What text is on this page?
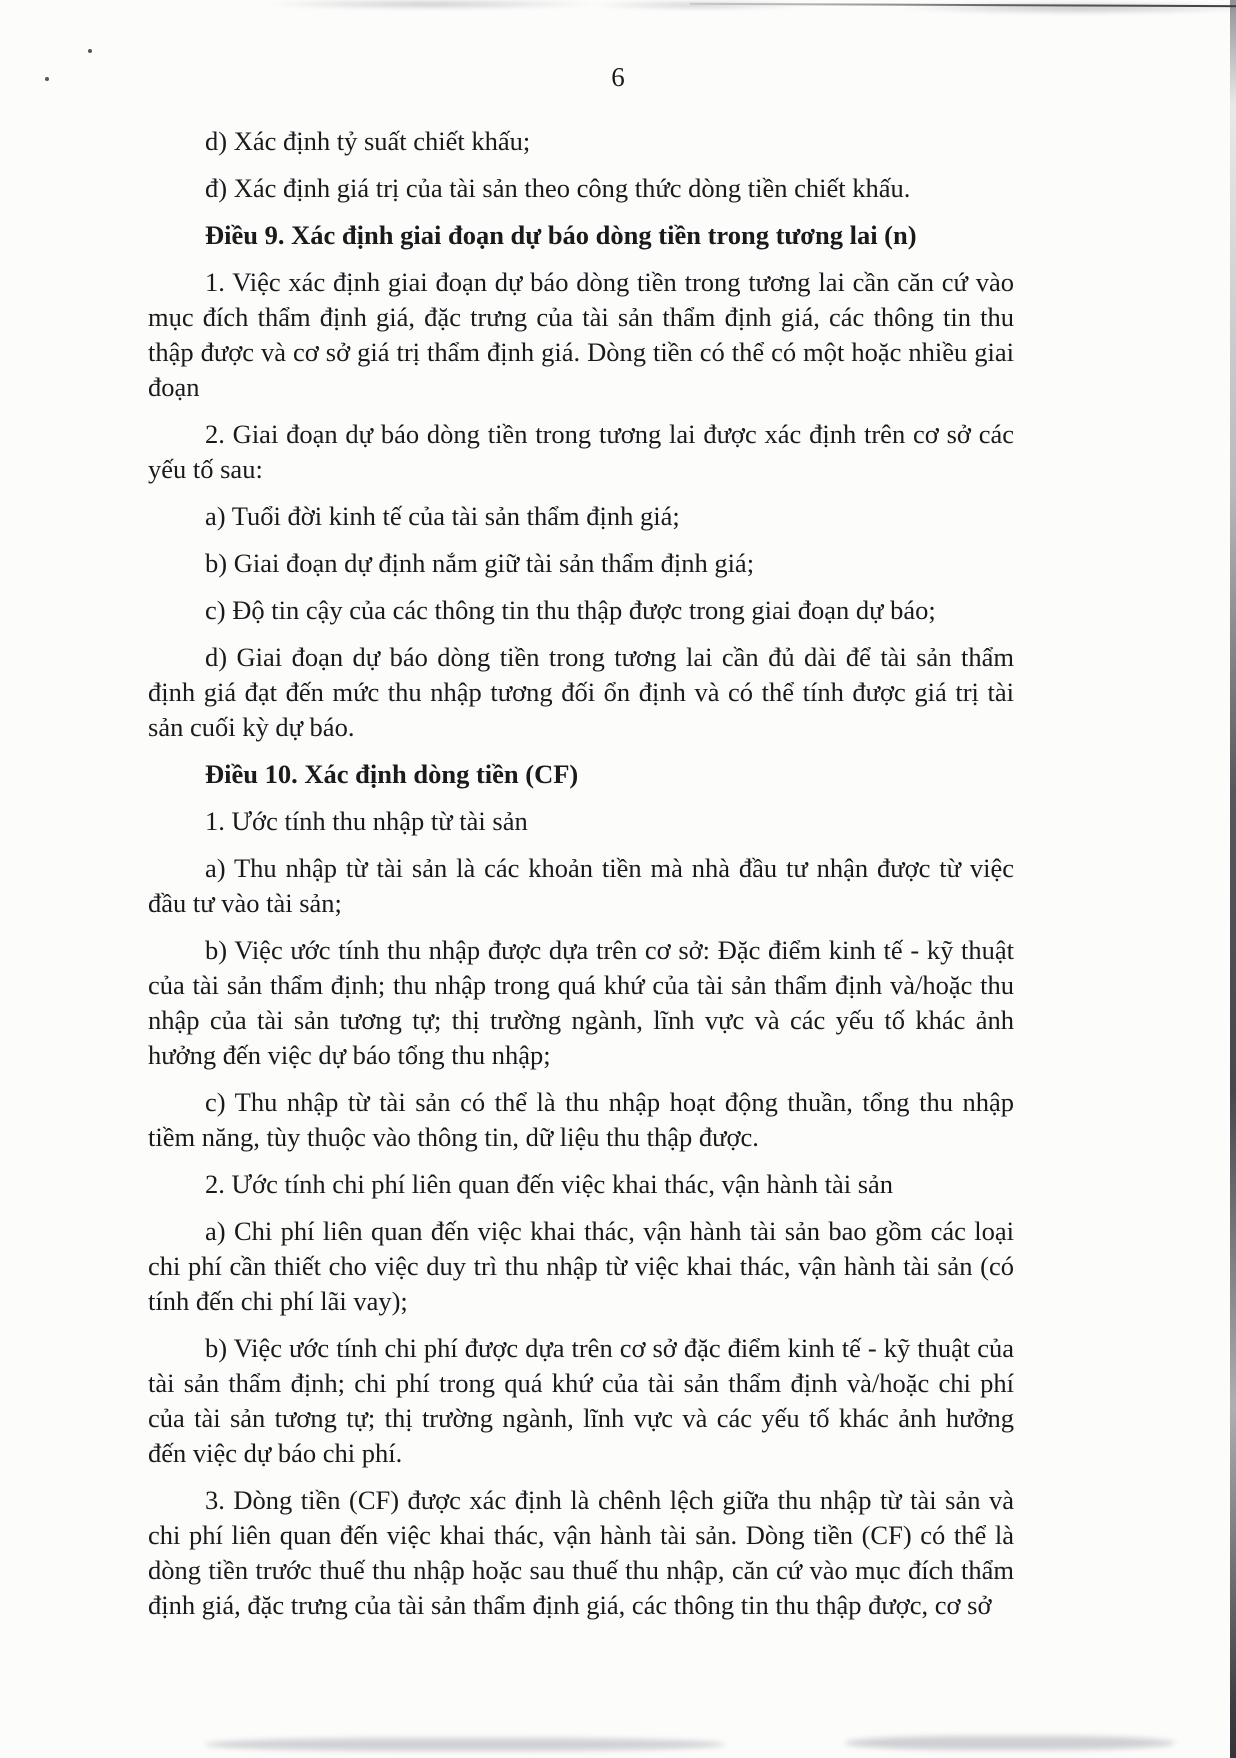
6

d) Xác định tỷ suất chiết khấu;

đ) Xác định giá trị của tài sản theo công thức dòng tiền chiết khấu.

Điều 9. Xác định giai đoạn dự báo dòng tiền trong tương lai (n)

1. Việc xác định giai đoạn dự báo dòng tiền trong tương lai cần căn cứ vào mục đích thẩm định giá, đặc trưng của tài sản thẩm định giá, các thông tin thu thập được và cơ sở giá trị thẩm định giá. Dòng tiền có thể có một hoặc nhiều giai đoạn

2. Giai đoạn dự báo dòng tiền trong tương lai được xác định trên cơ sở các yếu tố sau:

a) Tuổi đời kinh tế của tài sản thẩm định giá;

b) Giai đoạn dự định nắm giữ tài sản thẩm định giá;

c) Độ tin cậy của các thông tin thu thập được trong giai đoạn dự báo;

d) Giai đoạn dự báo dòng tiền trong tương lai cần đủ dài để tài sản thẩm định giá đạt đến mức thu nhập tương đối ổn định và có thể tính được giá trị tài sản cuối kỳ dự báo.

Điều 10. Xác định dòng tiền (CF)

1. Ước tính thu nhập từ tài sản

a) Thu nhập từ tài sản là các khoản tiền mà nhà đầu tư nhận được từ việc đầu tư vào tài sản;

b) Việc ước tính thu nhập được dựa trên cơ sở: Đặc điểm kinh tế - kỹ thuật của tài sản thẩm định; thu nhập trong quá khứ của tài sản thẩm định và/hoặc thu nhập của tài sản tương tự; thị trường ngành, lĩnh vực và các yếu tố khác ảnh hưởng đến việc dự báo tổng thu nhập;

c) Thu nhập từ tài sản có thể là thu nhập hoạt động thuần, tổng thu nhập tiềm năng, tùy thuộc vào thông tin, dữ liệu thu thập được.

2. Ước tính chi phí liên quan đến việc khai thác, vận hành tài sản

a) Chi phí liên quan đến việc khai thác, vận hành tài sản bao gồm các loại chi phí cần thiết cho việc duy trì thu nhập từ việc khai thác, vận hành tài sản (có tính đến chi phí lãi vay);

b) Việc ước tính chi phí được dựa trên cơ sở đặc điểm kinh tế - kỹ thuật của tài sản thẩm định; chi phí trong quá khứ của tài sản thẩm định và/hoặc chi phí của tài sản tương tự; thị trường ngành, lĩnh vực và các yếu tố khác ảnh hưởng đến việc dự báo chi phí.

3. Dòng tiền (CF) được xác định là chênh lệch giữa thu nhập từ tài sản và chi phí liên quan đến việc khai thác, vận hành tài sản. Dòng tiền (CF) có thể là dòng tiền trước thuế thu nhập hoặc sau thuế thu nhập, căn cứ vào mục đích thẩm định giá, đặc trưng của tài sản thẩm định giá, các thông tin thu thập được, cơ sở
